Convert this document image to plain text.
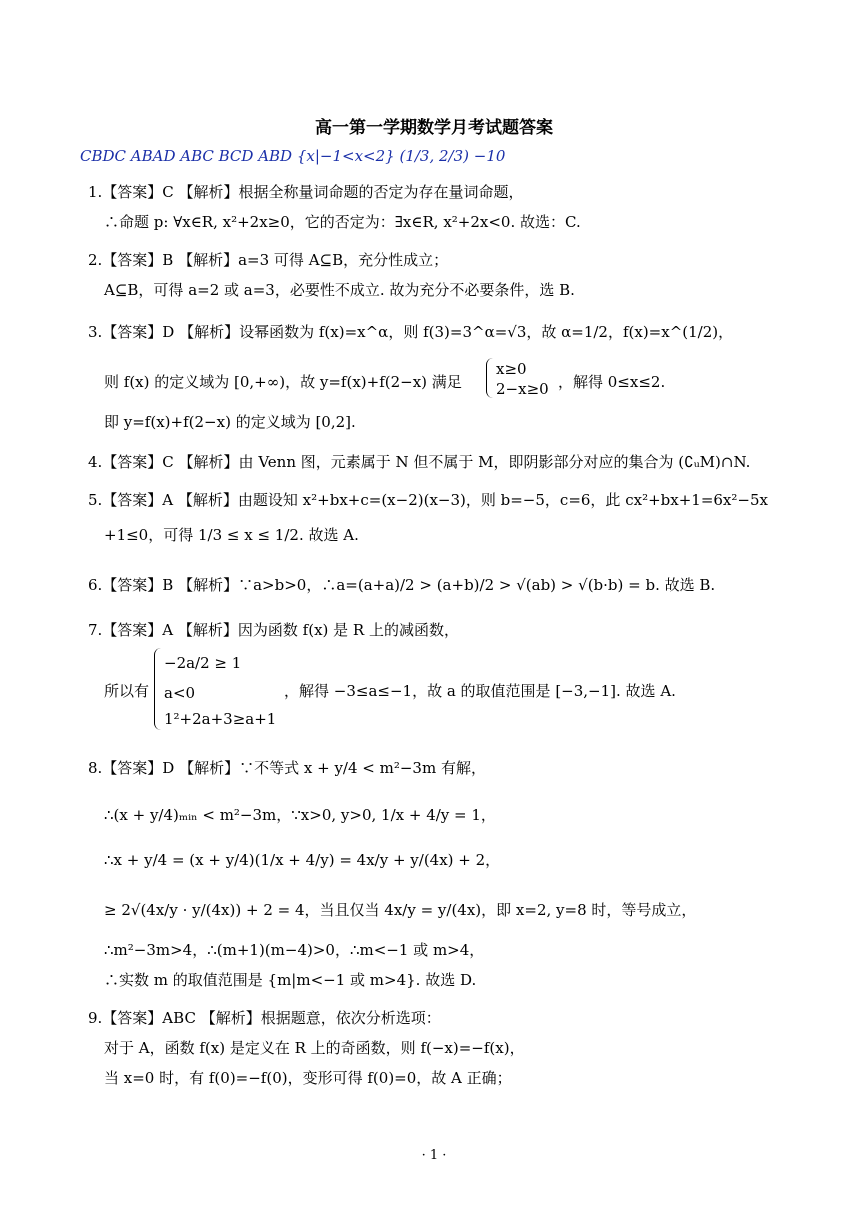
高一第一学期数学月考试题答案
CBDC ABAD ABC BCD ABD {x|−1<x<2} (1/3, 2/3) −10
1.【答案】C 【解析】根据全称量词命题的否定为存在量词命题，
∴命题 p: ∀x∈R, x²+2x≥0，它的否定为：∃x∈R, x²+2x<0. 故选：C.
2.【答案】B 【解析】a=3 可得 A⊆B，充分性成立；
A⊆B，可得 a=2 或 a=3，必要性不成立. 故为充分不必要条件，选 B.
3.【答案】D 【解析】设幂函数为 f(x)=x^α，则 f(3)=3^α=√3，故 α=1/2，f(x)=x^(1/2)，
则 f(x) 的定义域为 [0,+∞)，故 y=f(x)+f(2−x) 满足
x≥0
2−x≥0 ，解得 0≤x≤2.
即 y=f(x)+f(2−x) 的定义域为 [0,2].
4.【答案】C 【解析】由 Venn 图，元素属于 N 但不属于 M，即阴影部分对应的集合为 (∁ᵤM)∩N.
5.【答案】A 【解析】由题设知 x²+bx+c=(x−2)(x−3)，则 b=−5，c=6，此 cx²+bx+1=6x²−5x
+1≤0，可得 1/3 ≤ x ≤ 1/2. 故选 A.
6.【答案】B 【解析】∵a>b>0，∴a=(a+a)/2 > (a+b)/2 > √(ab) > √(b·b) = b. 故选 B.
7.【答案】A 【解析】因为函数 f(x) 是 R 上的减函数，
所以有
−2a/2 ≥ 1
a<0
1²+2a+3≥a+1
，解得 −3≤a≤−1，故 a 的取值范围是 [−3,−1]. 故选 A.
8.【答案】D 【解析】∵不等式 x + y/4 < m²−3m 有解，
∴(x + y/4)ₘᵢₙ < m²−3m，∵x>0, y>0, 1/x + 4/y = 1，
∴x + y/4 = (x + y/4)(1/x + 4/y) = 4x/y + y/(4x) + 2，
≥ 2√(4x/y · y/(4x)) + 2 = 4，当且仅当 4x/y = y/(4x)，即 x=2, y=8 时，等号成立，
∴m²−3m>4，∴(m+1)(m−4)>0，∴m<−1 或 m>4，
∴实数 m 的取值范围是 {m|m<−1 或 m>4}. 故选 D.
9.【答案】ABC 【解析】根据题意，依次分析选项：
对于 A，函数 f(x) 是定义在 R 上的奇函数，则 f(−x)=−f(x)，
当 x=0 时，有 f(0)=−f(0)，变形可得 f(0)=0，故 A 正确；
· 1 ·
